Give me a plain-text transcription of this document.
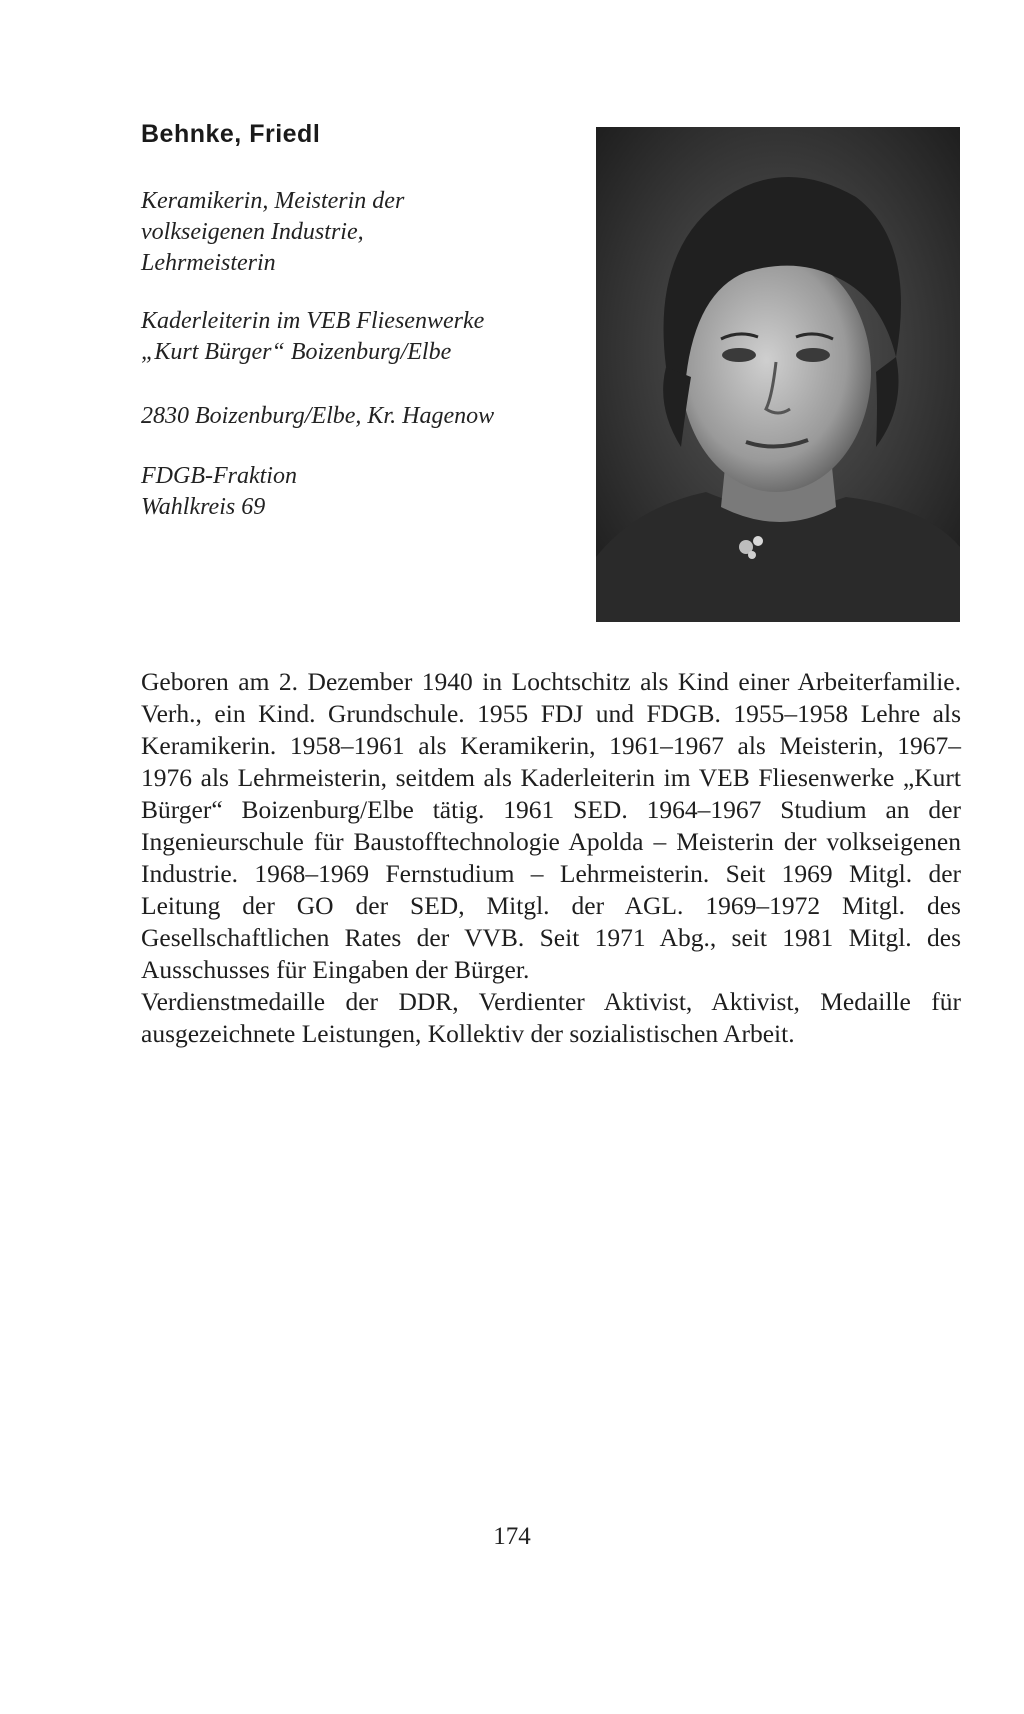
Behnke, Friedl
Keramikerin, Meisterin der
volkseigenen Industrie,
Lehrmeisterin
Kaderleiterin im VEB Fliesenwerke
„Kurt Bürger“ Boizenburg/Elbe
2830 Boizenburg/Elbe, Kr. Hagenow
FDGB-Fraktion
Wahlkreis 69

Geboren am 2. Dezember 1940 in Lochtschitz als Kind einer Arbeiterfamilie. Verh., ein Kind. Grundschule. 1955 FDJ und FDGB. 1955–1958 Lehre als Keramikerin. 1958–1961 als Keramikerin, 1961–1967 als Meisterin, 1967–1976 als Lehrmeisterin, seitdem als Kaderleiterin im VEB Fliesenwerke „Kurt Bürger“ Boizenburg/Elbe tätig. 1961 SED. 1964–1967 Studium an der Ingenieurschule für Baustofftechnologie Apolda – Meisterin der volkseigenen Industrie. 1968–1969 Fernstudium – Lehrmeisterin. Seit 1969 Mitgl. der Leitung der GO der SED, Mitgl. der AGL. 1969–1972 Mitgl. des Gesellschaftlichen Rates der VVB. Seit 1971 Abg., seit 1981 Mitgl. des Ausschusses für Eingaben der Bürger.

Verdienstmedaille der DDR, Verdienter Aktivist, Aktivist, Medaille für ausgezeichnete Leistungen, Kollektiv der sozialistischen Arbeit.

174
